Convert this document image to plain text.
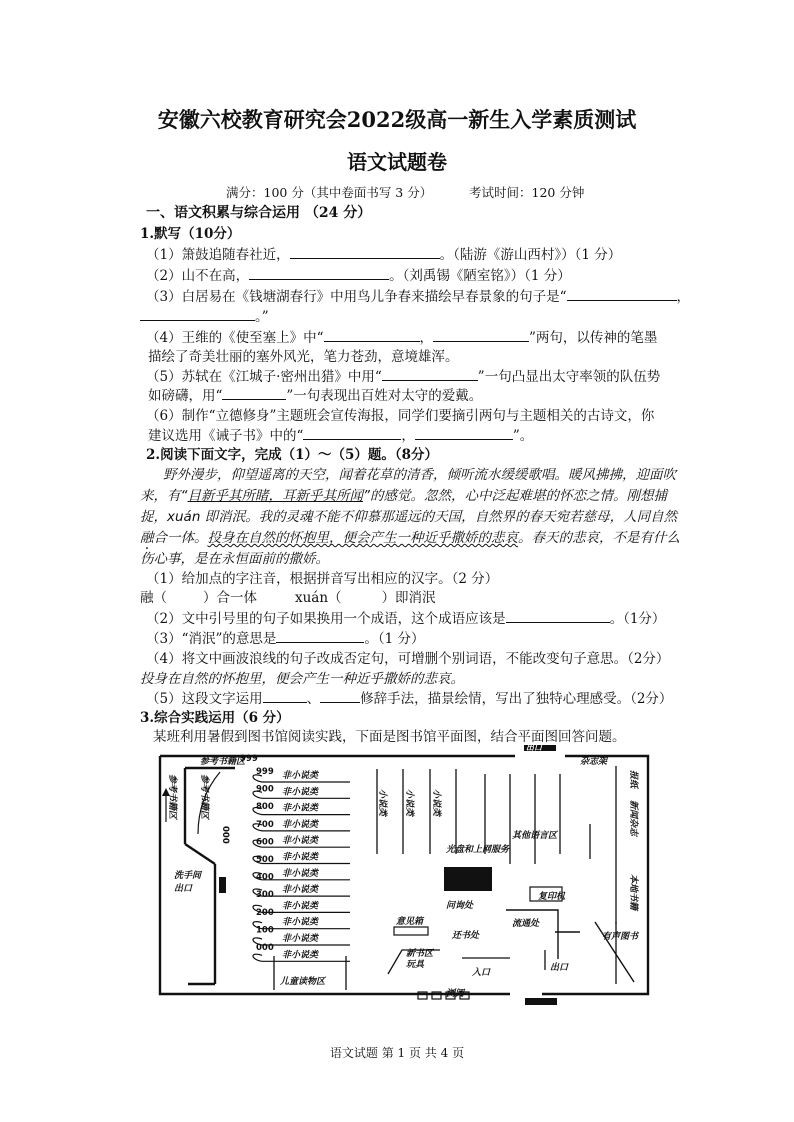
安徽六校教育研究会2022级高一新生入学素质测试
语文试题卷
满分：100 分（其中卷面书写 3 分）	考试时间：120 分钟
一、语文积累与综合运用 （24 分）
1.默写（10分）
（1）箫鼓追随春社近，	。（陆游《游山西村》）（1 分）
（2）山不在高，	。（刘禹锡《陋室铭》）（1 分）
（3）白居易在《钱塘湖春行》中用鸟儿争春来描绘早春景象的句子是“	，
。”
（4）王维的《使至塞上》中“	，	”两句，以传神的笔墨
描绘了奇美壮丽的塞外风光，笔力苍劲，意境雄浑。
（5）苏轼在《江城子·密州出猎》中用“	”一句凸显出太守率领的队伍势
如磅礴，用“	”一句表现出百姓对太守的爱戴。
（6）制作“立德修身”主题班会宣传海报，同学们要摘引两句与主题相关的古诗文，你
建议选用《诫子书》中的“	，	”。
2.阅读下面文字，完成（1）～（5）题。（8分）
野外漫步，仰望遥离的天空，闻着花草的清香，倾听流水缓缓歌唱。暖风拂拂，迎面吹
来，有“目新乎其所睹，耳新乎其所闻”的感觉。忽然，心中泛起难堪的怀恋之情。刚想捕
捉，xuán 即消泯。我的灵魂不能不仰慕那遥远的天国，自然界的春天宛若慈母，人同自然
融合一体。投身在自然的怀抱里，便会产生一种近乎撒娇的悲哀。春天的悲哀，不是有什么
伤心事，是在永恒面前的撒娇。
（1）给加点的字注音，根据拼音写出相应的汉字。（2 分）
融（	）合一体	xuán（	）即消泯
（2）文中引号里的句子如果换用一个成语，这个成语应该是	。（1分）
（3）“消泯”的意思是	。（1 分）
（4）将文中画波浪线的句子改成否定句，可增删个别词语，不能改变句子意思。（2分）
投身在自然的怀抱里，便会产生一种近乎撒娇的悲哀。
（5）这段文字运用	、	修辞手法，描景绘情，写出了独特心理感受。（2分）
3.综合实践运用（6 分）
某班利用暑假到图书馆阅读实践，下面是图书馆平面图，结合平面图回答问题。
出口
杂志架
参考书籍区
999
参考书籍区 参考书籍区
000
非小说类
非小说类
非小说类
非小说类
非小说类
非小说类
非小说类
非小说类
非小说类
非小说类
非小说类
非小说类
999
900
800
700
600
500
400
300
200
100
000
小说类 小说类 小说类
其他语言区
报纸
新闻杂志
本地书籍
洗手间
出口
光盘和上网服务
问询处
复印机
意见箱
还书处
流通处
有声图书
新书区
玩具
入口	出口
儿童读物区
浏阅
语文试题 第 1 页 共 4 页
